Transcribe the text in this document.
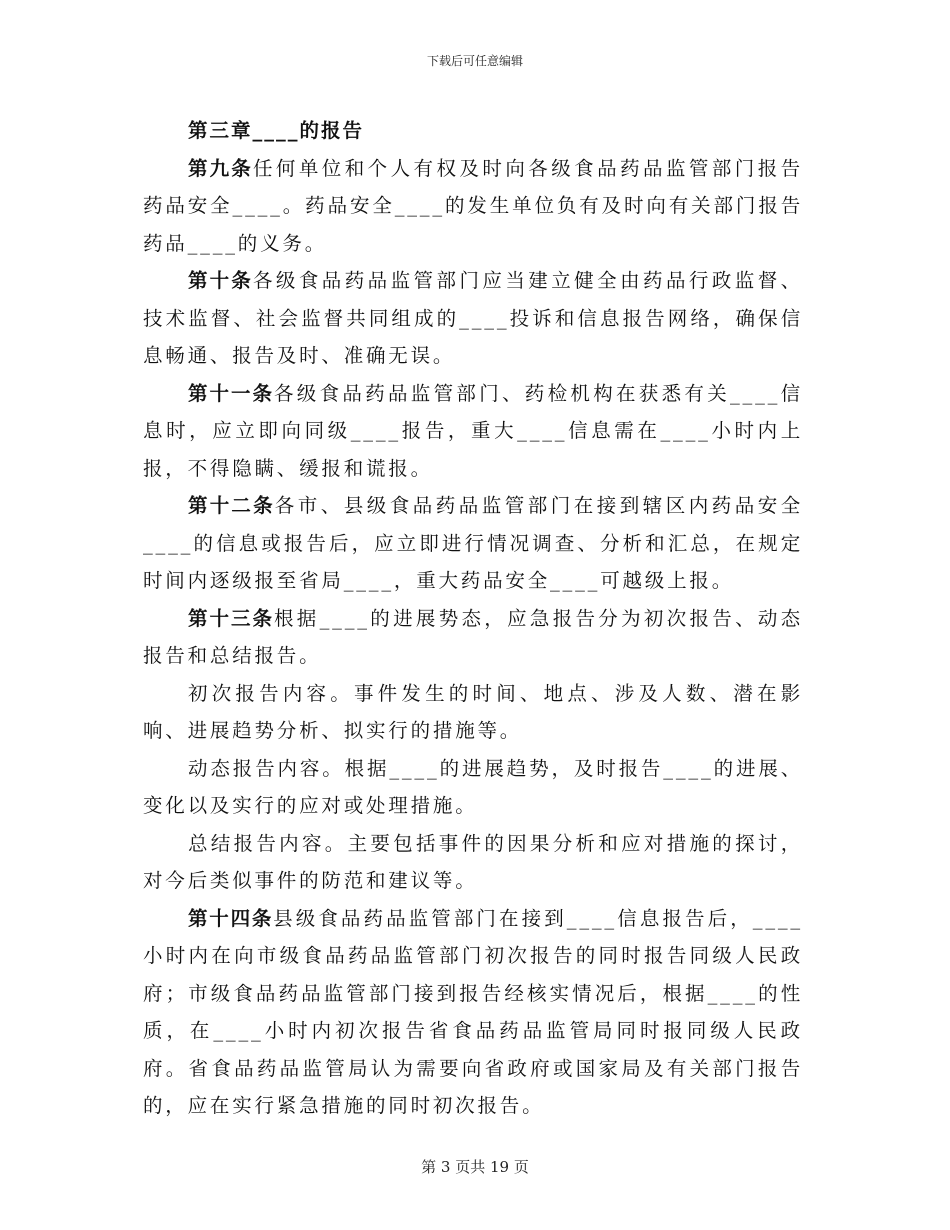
下载后可任意编辑

第三章____的报告

第九条任何单位和个人有权及时向各级食品药品监管部门报告药品安全____。药品安全____的发生单位负有及时向有关部门报告药品____的义务。

第十条各级食品药品监管部门应当建立健全由药品行政监督、技术监督、社会监督共同组成的____投诉和信息报告网络，确保信息畅通、报告及时、准确无误。

第十一条各级食品药品监管部门、药检机构在获悉有关____信息时，应立即向同级____报告，重大____信息需在____小时内上报，不得隐瞒、缓报和谎报。

第十二条各市、县级食品药品监管部门在接到辖区内药品安全____的信息或报告后，应立即进行情况调查、分析和汇总，在规定时间内逐级报至省局____，重大药品安全____可越级上报。

第十三条根据____的进展势态，应急报告分为初次报告、动态报告和总结报告。

初次报告内容。事件发生的时间、地点、涉及人数、潜在影响、进展趋势分析、拟实行的措施等。

动态报告内容。根据____的进展趋势，及时报告____的进展、变化以及实行的应对或处理措施。

总结报告内容。主要包括事件的因果分析和应对措施的探讨，对今后类似事件的防范和建议等。

第十四条县级食品药品监管部门在接到____信息报告后，____小时内在向市级食品药品监管部门初次报告的同时报告同级人民政府；市级食品药品监管部门接到报告经核实情况后，根据____的性质，在____小时内初次报告省食品药品监管局同时报同级人民政府。省食品药品监管局认为需要向省政府或国家局及有关部门报告的，应在实行紧急措施的同时初次报告。

第 3 页共 19 页
